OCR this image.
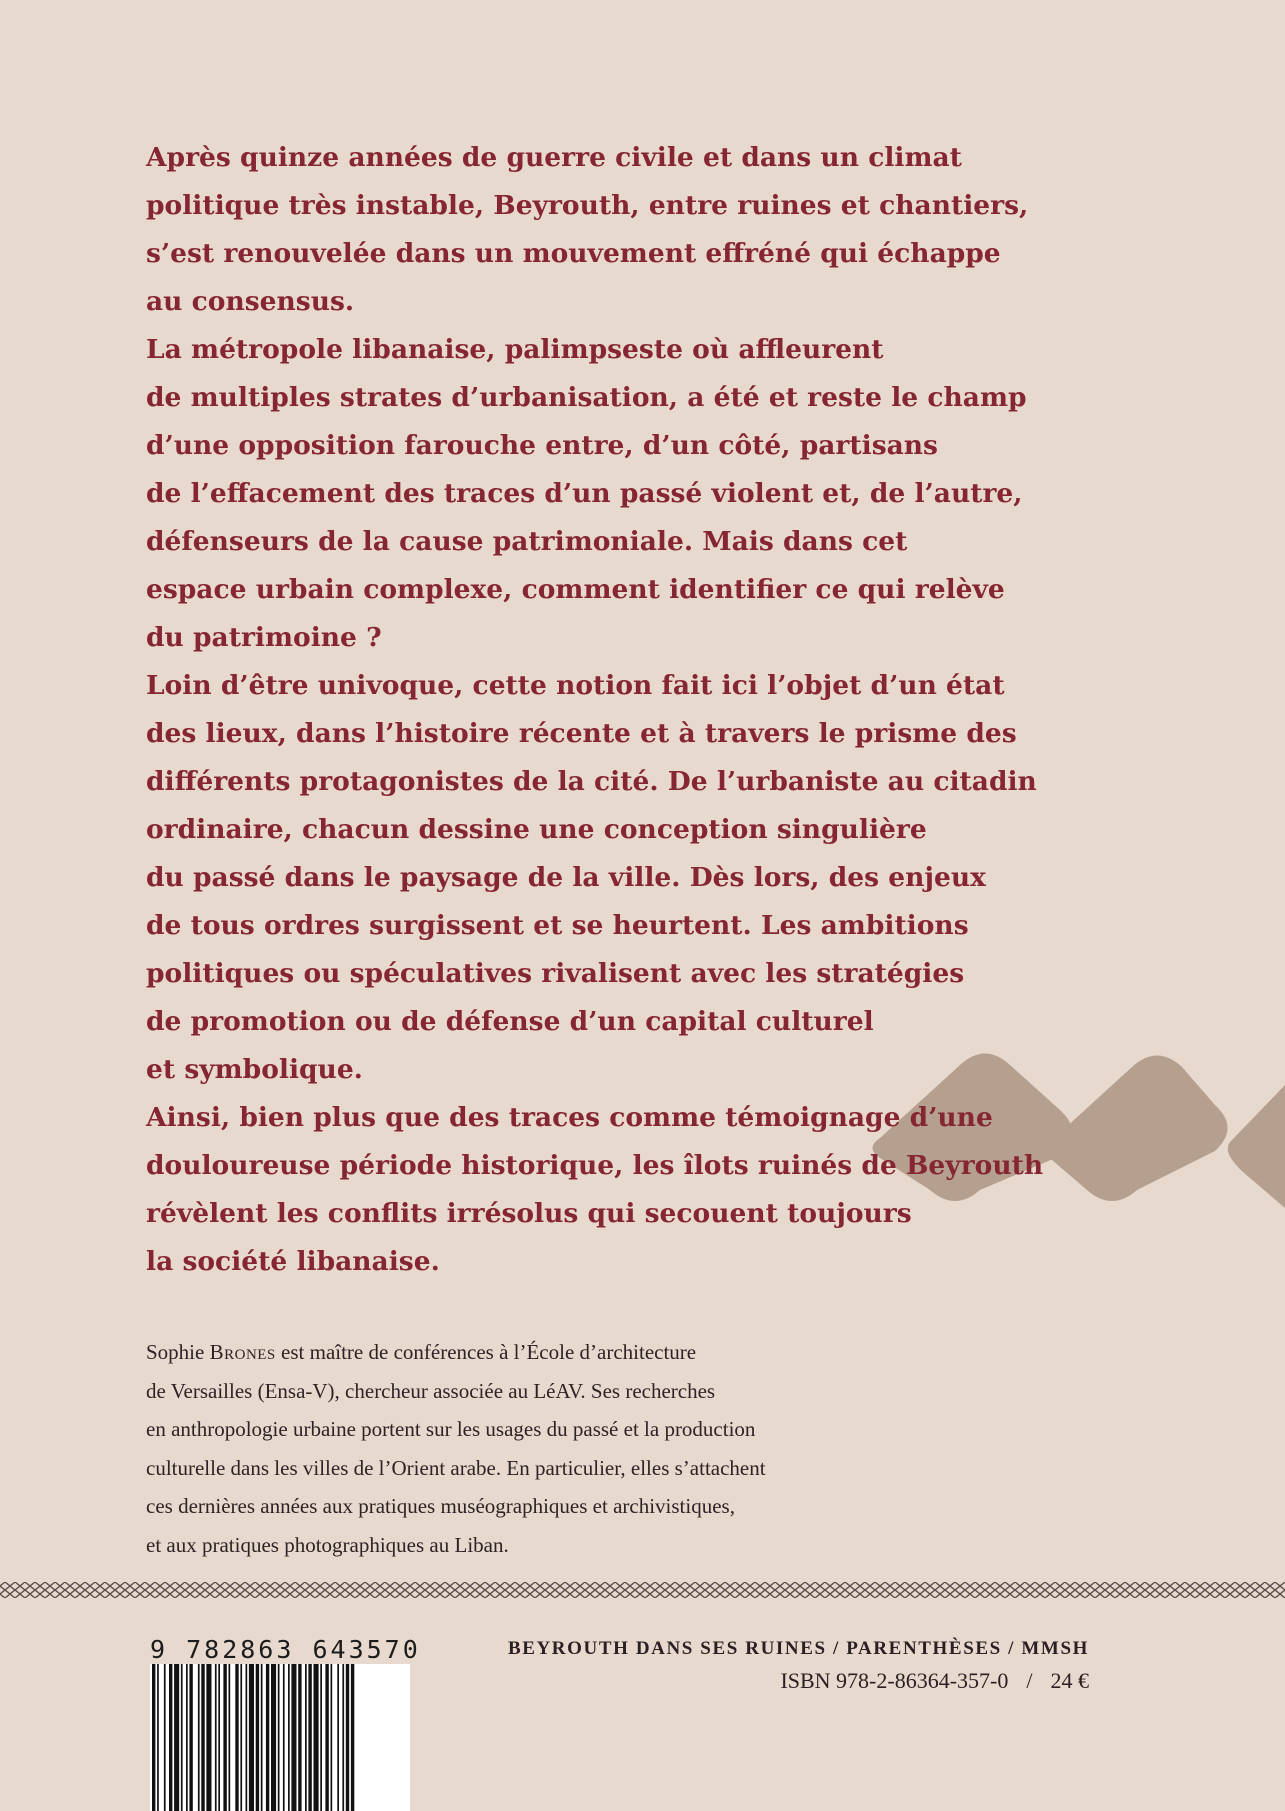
Après quinze années de guerre civile et dans un climat
politique très instable, Beyrouth, entre ruines et chantiers,
s’est renouvelée dans un mouvement effréné qui échappe
au consensus.
La métropole libanaise, palimpseste où affleurent
de multiples strates d’urbanisation, a été et reste le champ
d’une opposition farouche entre, d’un côté, partisans
de l’effacement des traces d’un passé violent et, de l’autre,
défenseurs de la cause patrimoniale. Mais dans cet
espace urbain complexe, comment identifier ce qui relève
du patrimoine ?
Loin d’être univoque, cette notion fait ici l’objet d’un état
des lieux, dans l’histoire récente et à travers le prisme des
différents protagonistes de la cité. De l’urbaniste au citadin
ordinaire, chacun dessine une conception singulière
du passé dans le paysage de la ville. Dès lors, des enjeux
de tous ordres surgissent et se heurtent. Les ambitions
politiques ou spéculatives rivalisent avec les stratégies
de promotion ou de défense d’un capital culturel
et symbolique.
Ainsi, bien plus que des traces comme témoignage d’une
douloureuse période historique, les îlots ruinés de Beyrouth
révèlent les conflits irrésolus qui secouent toujours
la société libanaise.
Sophie Brones est maître de conférences à l’École d’architecture
de Versailles (Ensa-V), chercheur associée au LéAV. Ses recherches
en anthropologie urbaine portent sur les usages du passé et la production
culturelle dans les villes de l’Orient arabe. En particulier, elles s’attachent
ces dernières années aux pratiques muséographiques et archivistiques,
et aux pratiques photographiques au Liban.
9 782863 643570	BEYROUTH DANS SES RUINES / PARENTHÈSES / MMSH
ISBN 978-2-86364-357-0 / 24 €
